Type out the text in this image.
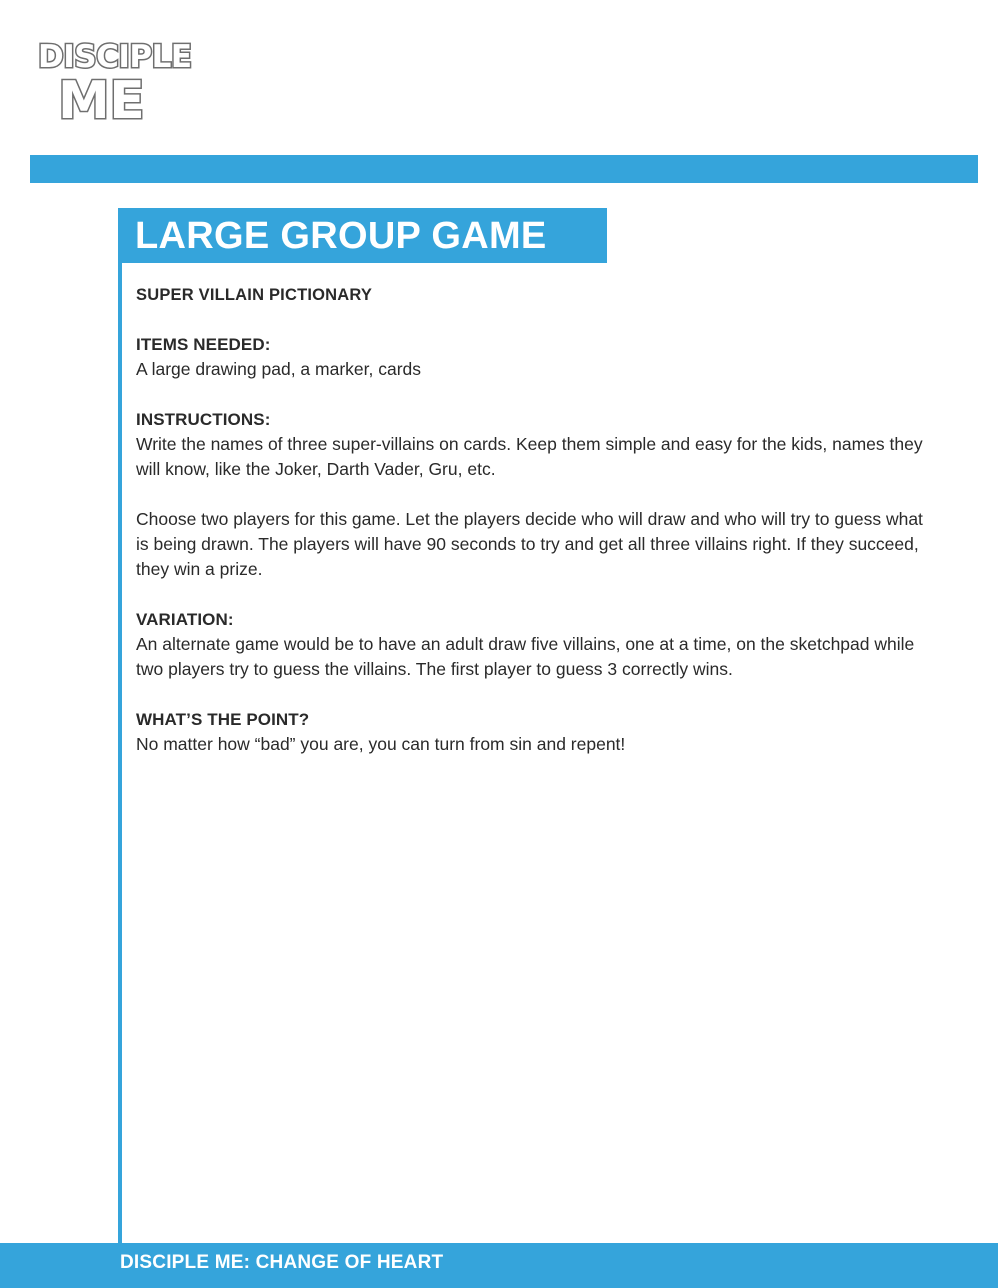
DISCIPLE
ME
LARGE GROUP GAME
SUPER VILLAIN PICTIONARY
ITEMS NEEDED:
A large drawing pad, a marker, cards
INSTRUCTIONS:
Write the names of three super-villains on cards. Keep them simple and easy for the kids, names they will know, like the Joker, Darth Vader, Gru, etc.
Choose two players for this game. Let the players decide who will draw and who will try to guess what is being drawn. The players will have 90 seconds to try and get all three villains right. If they succeed, they win a prize.
VARIATION:
An alternate game would be to have an adult draw five villains, one at a time, on the sketchpad while two players try to guess the villains. The first player to guess 3 correctly wins.
WHAT’S THE POINT?
No matter how “bad” you are, you can turn from sin and repent!
DISCIPLE ME: CHANGE OF HEART
